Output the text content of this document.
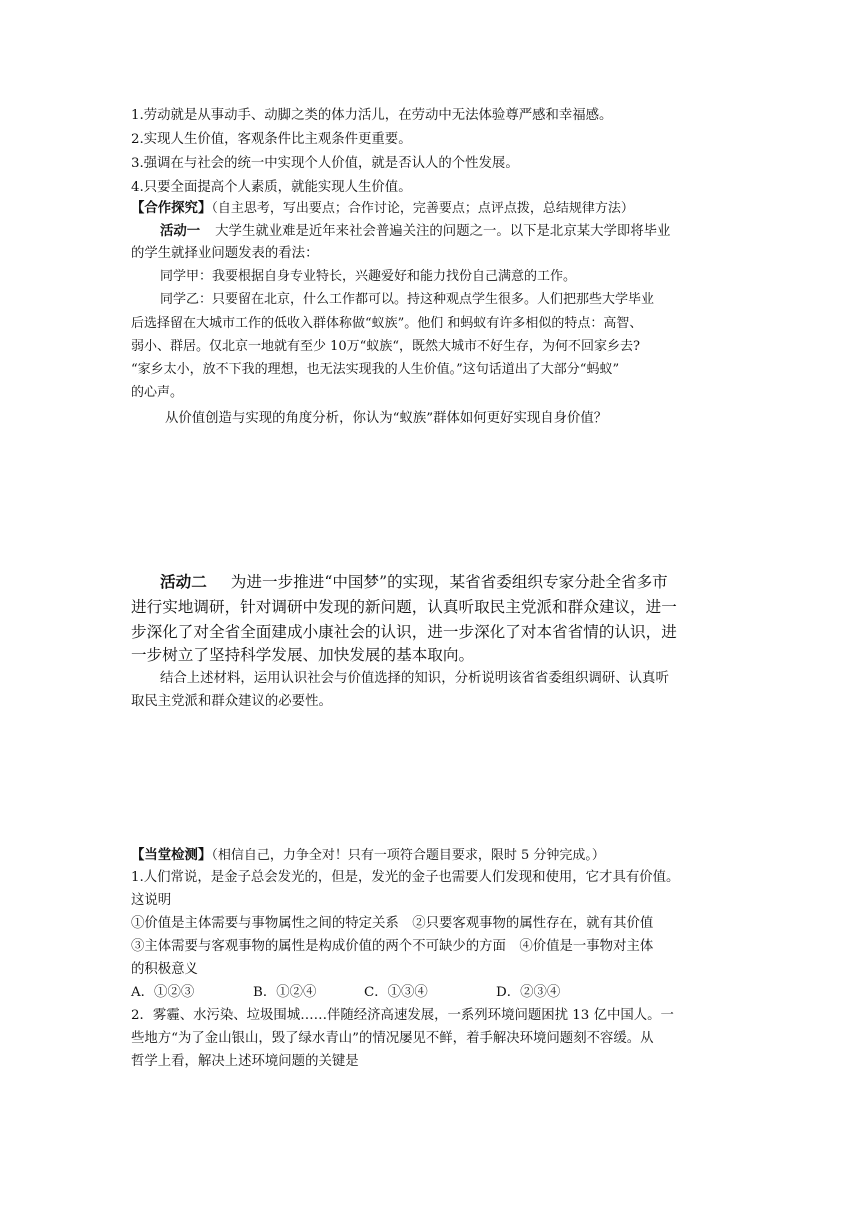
1.劳动就是从事动手、动脚之类的体力活儿，在劳动中无法体验尊严感和幸福感。
2.实现人生价值，客观条件比主观条件更重要。
3.强调在与社会的统一中实现个人价值，就是否认人的个性发展。
4.只要全面提高个人素质，就能实现人生价值。
【合作探究】（自主思考，写出要点；合作讨论，完善要点；点评点拨，总结规律方法）
活动一 大学生就业难是近年来社会普遍关注的问题之一。以下是北京某大学即将毕业
的学生就择业问题发表的看法：
同学甲：我要根据自身专业特长，兴趣爱好和能力找份自己满意的工作。
同学乙：只要留在北京，什么工作都可以。持这种观点学生很多。人们把那些大学毕业
后选择留在大城市工作的低收入群体称做“蚁族”。他们 和蚂蚁有许多相似的特点：高智、
弱小、群居。仅北京一地就有至少 10万“蚁族“，既然大城市不好生存，为何不回家乡去?
“家乡太小，放不下我的理想，也无法实现我的人生价值。”这句话道出了大部分“蚂蚁”
的心声。
从价值创造与实现的角度分析，你认为“蚁族”群体如何更好实现自身价值？
活动二 为进一步推进“中国梦”的实现，某省省委组织专家分赴全省多市
进行实地调研，针对调研中发现的新问题，认真听取民主党派和群众建议，进一
步深化了对全省全面建成小康社会的认识，进一步深化了对本省省情的认识，进
一步树立了坚持科学发展、加快发展的基本取向。
结合上述材料，运用认识社会与价值选择的知识，分析说明该省省委组织调研、认真听
取民主党派和群众建议的必要性。
【当堂检测】（相信自己，力争全对！只有一项符合题目要求，限时 5 分钟完成。）
1.人们常说，是金子总会发光的，但是，发光的金子也需要人们发现和使用，它才具有价值。
这说明
①价值是主体需要与事物属性之间的特定关系　②只要客观事物的属性存在，就有其价值
③主体需要与客观事物的属性是构成价值的两个不可缺少的方面　④价值是一事物对主体
的积极意义
A．①②③	B．①②④	C．①③④	D．②③④
2．雾霾、水污染、垃圾围城……伴随经济高速发展，一系列环境问题困扰 13 亿中国人。一
些地方“为了金山银山，毁了绿水青山”的情况屡见不鲜，着手解决环境问题刻不容缓。从
哲学上看，解决上述环境问题的关键是
